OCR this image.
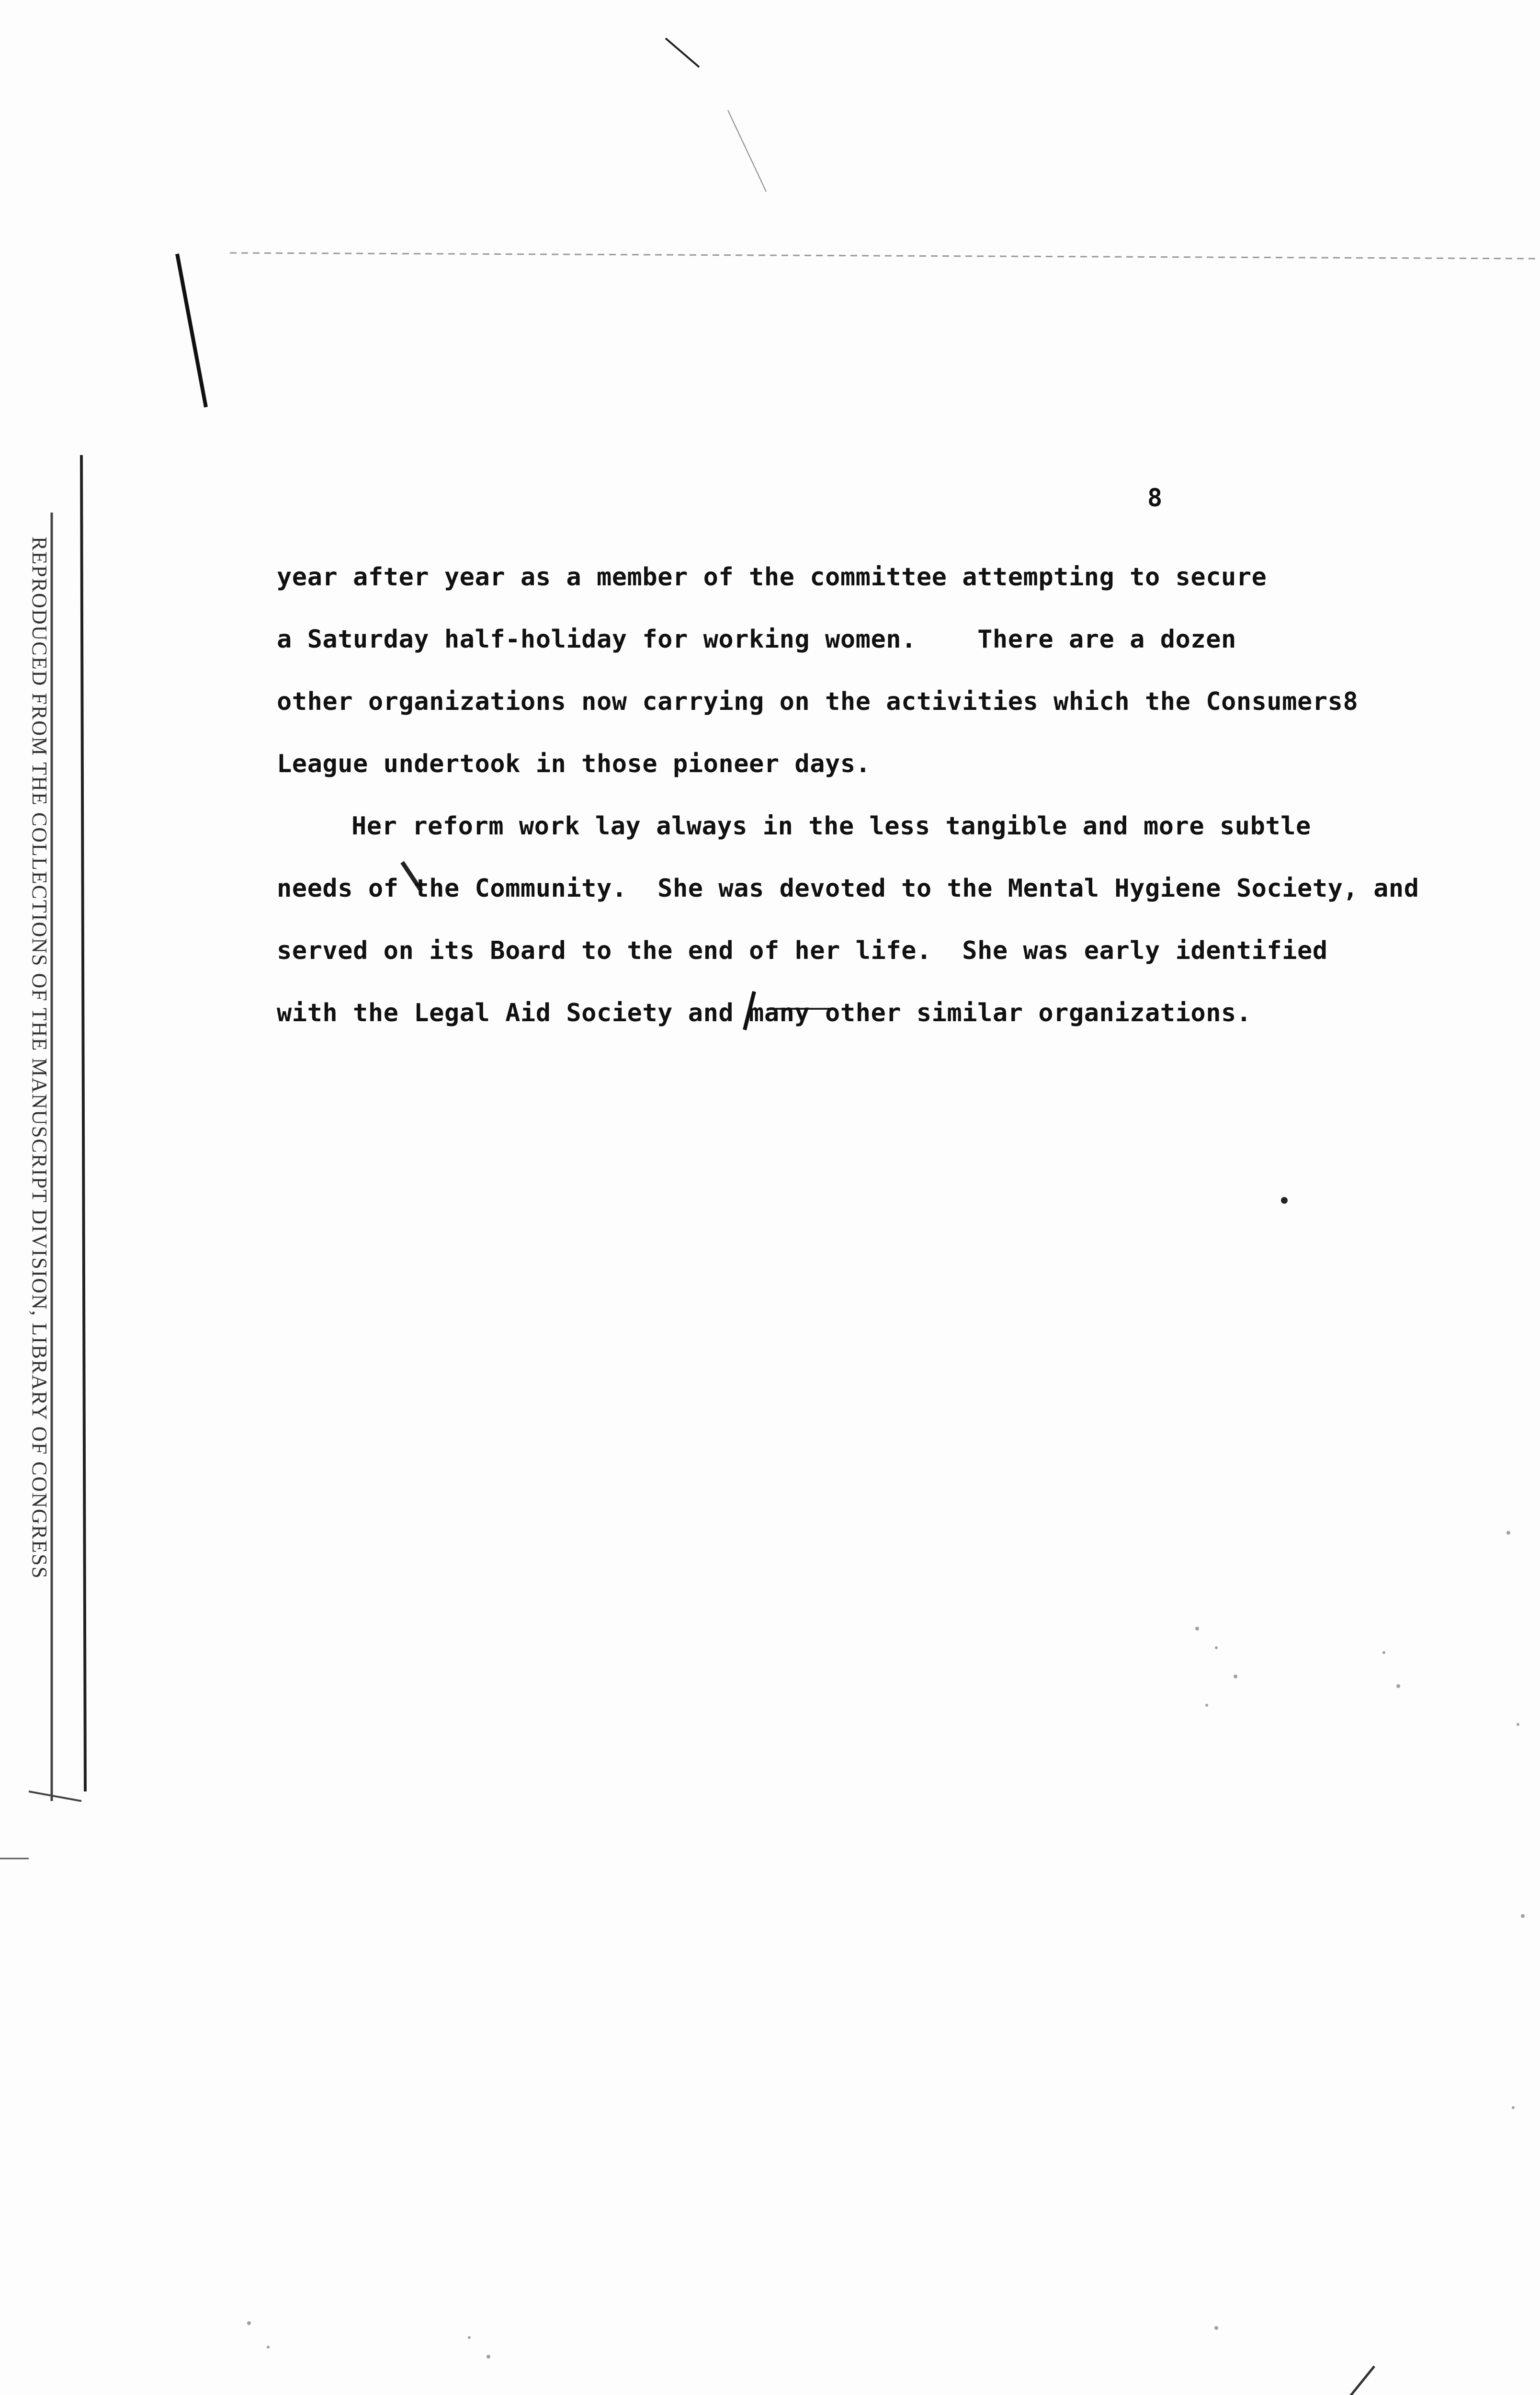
REPRODUCED FROM THE COLLECTIONS OF THE MANUSCRIPT DIVISION, LIBRARY OF CONGRESS
8
year after year as a member of the committee attempting to secure
a Saturday half-holiday for working women.    There are a dozen
other organizations now carrying on the activities which the Consumers8
League undertook in those pioneer days.
Her reform work lay always in the less tangible and more subtle
needs of the Community.  She was devoted to the Mental Hygiene Society, and
served on its Board to the end of her life.  She was early identified
with the Legal Aid Society and many other similar organizations.
